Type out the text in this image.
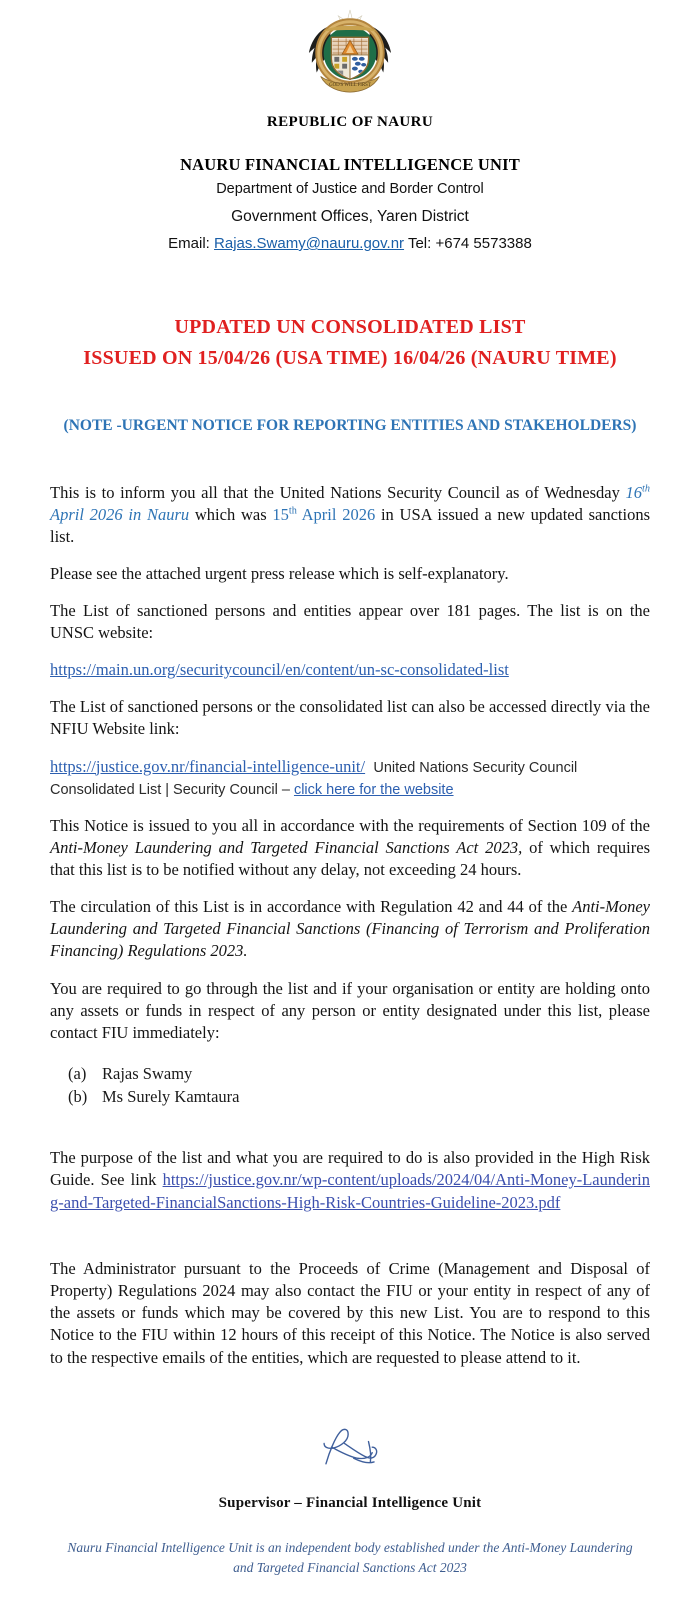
GOD'S WILL FIRST
REPUBLIC OF NAURU
NAURU FINANCIAL INTELLIGENCE UNIT
Department of Justice and Border Control
Government Offices, Yaren District
Email: Rajas.Swamy@nauru.gov.nr Tel: +674 5573388
UPDATED UN CONSOLIDATED LIST
ISSUED ON 15/04/26 (USA TIME) 16/04/26 (NAURU TIME)
(NOTE -URGENT NOTICE FOR REPORTING ENTITIES AND STAKEHOLDERS)

This is to inform you all that the United Nations Security Council as of Wednesday 16th April 2026 in Nauru which was 15th April 2026 in USA issued a new updated sanctions list.

Please see the attached urgent press release which is self-explanatory.

The List of sanctioned persons and entities appear over 181 pages. The list is on the UNSC website:

https://main.un.org/securitycouncil/en/content/un-sc-consolidated-list

The List of sanctioned persons or the consolidated list can also be accessed directly via the NFIU Website link:

https://justice.gov.nr/financial-intelligence-unit/ United Nations Security Council Consolidated List | Security Council – click here for the website

This Notice is issued to you all in accordance with the requirements of Section 109 of the Anti-Money Laundering and Targeted Financial Sanctions Act 2023, of which requires that this list is to be notified without any delay, not exceeding 24 hours.

The circulation of this List is in accordance with Regulation 42 and 44 of the Anti-Money Laundering and Targeted Financial Sanctions (Financing of Terrorism and Proliferation Financing) Regulations 2023.

You are required to go through the list and if your organisation or entity are holding onto any assets or funds in respect of any person or entity designated under this list, please contact FIU immediately:

(a) Rajas Swamy
(b) Ms Surely Kamtaura

The purpose of the list and what you are required to do is also provided in the High Risk Guide. See link https://justice.gov.nr/wp-content/uploads/2024/04/Anti-Money-Laundering-and-Targeted-FinancialSanctions-High-Risk-Countries-Guideline-2023.pdf

The Administrator pursuant to the Proceeds of Crime (Management and Disposal of Property) Regulations 2024 may also contact the FIU or your entity in respect of any of the assets or funds which may be covered by this new List. You are to respond to this Notice to the FIU within 12 hours of this receipt of this Notice. The Notice is also served to the respective emails of the entities, which are requested to please attend to it.

Supervisor – Financial Intelligence Unit
Nauru Financial Intelligence Unit is an independent body established under the Anti-Money Laundering and Targeted Financial Sanctions Act 2023
